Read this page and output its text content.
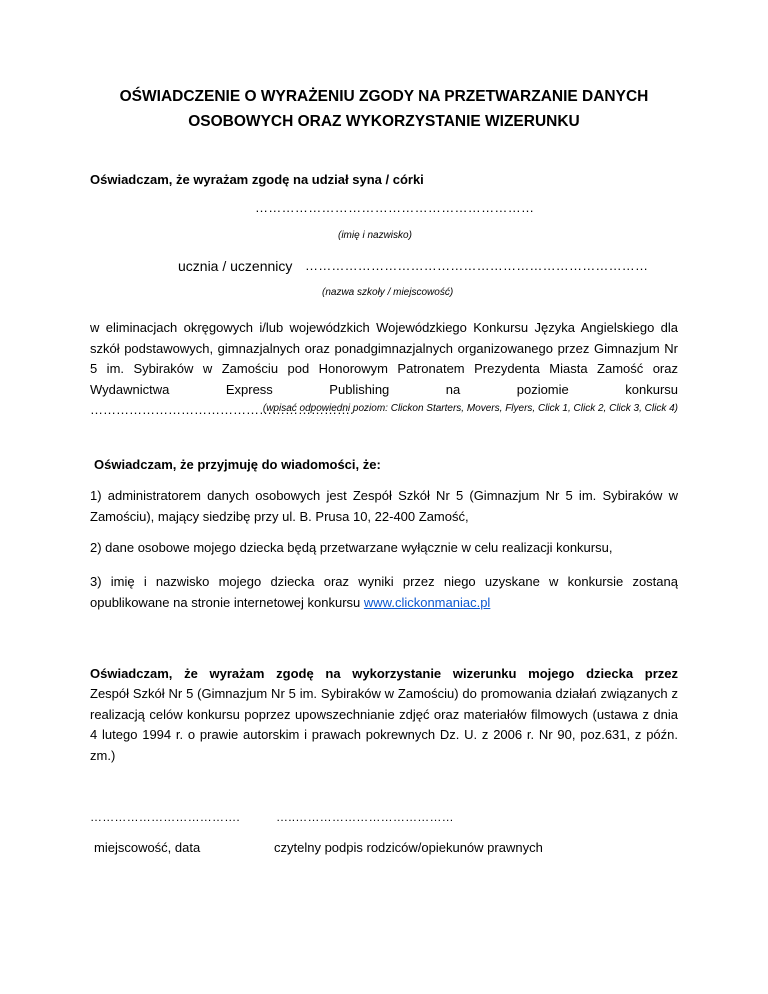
OŚWIADCZENIE O WYRAŻENIU ZGODY NA PRZETWARZANIE DANYCH
OSOBOWYCH ORAZ WYKORZYSTANIE WIZERUNKU
Oświadczam, że wyrażam zgodę na udział syna / córki
………………………………………………………
(imię i nazwisko)
ucznia / uczennicy ……………………………………………………………………
(nazwa szkoły / miejscowość)
w eliminacjach okręgowych i/lub wojewódzkich Wojewódzkiego Konkursu Języka Angielskiego dla szkół podstawowych, gimnazjalnych oraz ponadgimnazjalnych organizowanego przez Gimnazjum Nr 5 im. Sybiraków w Zamościu pod Honorowym Patronatem Prezydenta Miasta Zamość oraz Wydawnictwa Express Publishing na poziomie konkursu …………………………………………………….
(wpisać odpowiedni poziom: Clickon Starters, Movers, Flyers, Click 1, Click 2, Click 3, Click 4)
Oświadczam, że przyjmuję do wiadomości, że:
1) administratorem danych osobowych jest Zespół Szkół Nr 5 (Gimnazjum Nr 5 im. Sybiraków w Zamościu), mający siedzibę przy ul. B. Prusa 10, 22-400 Zamość,
2) dane osobowe mojego dziecka będą przetwarzane wyłącznie w celu realizacji konkursu,
3) imię i nazwisko mojego dziecka oraz wyniki przez niego uzyskane w konkursie zostaną opublikowane na stronie internetowej konkursu www.clickonmaniac.pl
Oświadczam, że wyrażam zgodę na wykorzystanie wizerunku mojego dziecka przez
Zespół Szkół Nr 5 (Gimnazjum Nr 5 im. Sybiraków w Zamościu) do promowania działań związanych z realizacją celów konkursu poprzez upowszechnianie zdjęć oraz materiałów filmowych (ustawa z dnia 4 lutego 1994 r. o prawie autorskim i prawach pokrewnych Dz. U. z 2006 r. Nr 90, poz.631, z późn. zm.)
……………………………….	…..…………………………………
miejscowość, data	czytelny podpis rodziców/opiekunów prawnych
